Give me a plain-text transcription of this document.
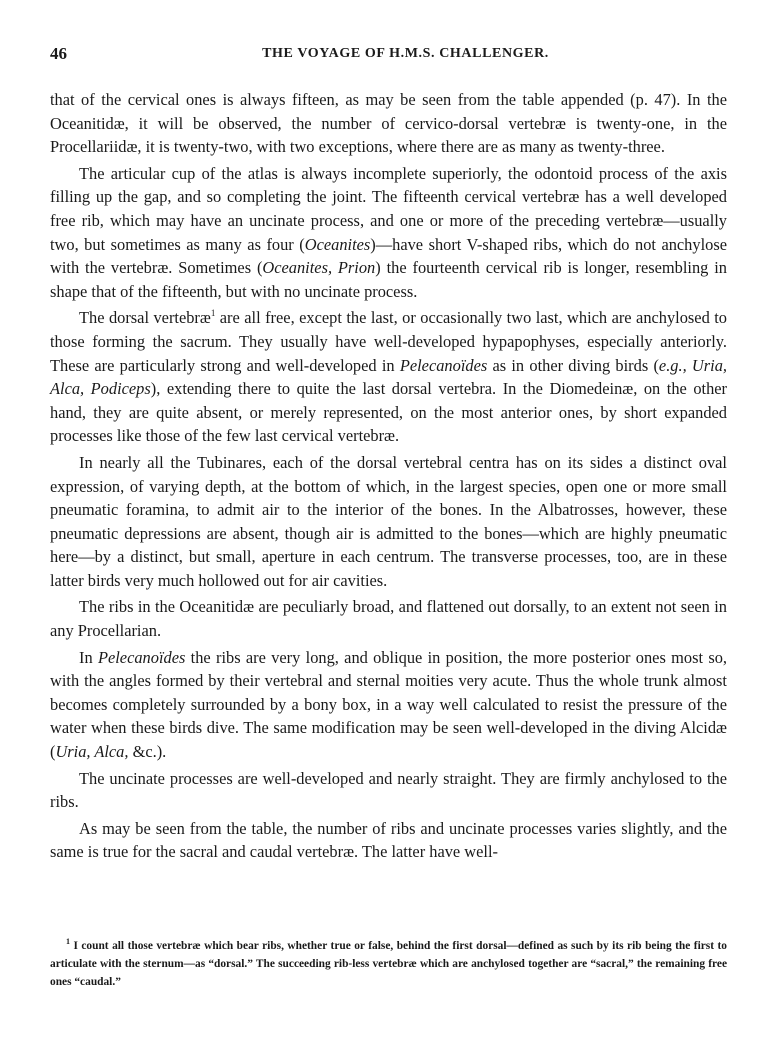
46	THE VOYAGE OF H.M.S. CHALLENGER.

that of the cervical ones is always fifteen, as may be seen from the table appended (p. 47). In the Oceanitidæ, it will be observed, the number of cervico-dorsal vertebræ is twenty-one, in the Procellariidæ, it is twenty-two, with two exceptions, where there are as many as twenty-three.

The articular cup of the atlas is always incomplete superiorly, the odontoid process of the axis filling up the gap, and so completing the joint. The fifteenth cervical vertebræ has a well developed free rib, which may have an uncinate process, and one or more of the preceding vertebræ—usually two, but sometimes as many as four (Oceanites)—have short V-shaped ribs, which do not anchylose with the vertebræ. Sometimes (Oceanites, Prion) the fourteenth cervical rib is longer, resembling in shape that of the fifteenth, but with no uncinate process.

The dorsal vertebræ$^1$ are all free, except the last, or occasionally two last, which are anchylosed to those forming the sacrum. They usually have well-developed hypapophyses, especially anteriorly. These are particularly strong and well-developed in Pelecanoïdes as in other diving birds (e.g., Uria, Alca, Podiceps), extending there to quite the last dorsal vertebra. In the Diomedeinæ, on the other hand, they are quite absent, or merely represented, on the most anterior ones, by short expanded processes like those of the few last cervical vertebræ.

In nearly all the Tubinares, each of the dorsal vertebral centra has on its sides a distinct oval expression, of varying depth, at the bottom of which, in the largest species, open one or more small pneumatic foramina, to admit air to the interior of the bones. In the Albatrosses, however, these pneumatic depressions are absent, though air is admitted to the bones—which are highly pneumatic here—by a distinct, but small, aperture in each centrum. The transverse processes, too, are in these latter birds very much hollowed out for air cavities.

The ribs in the Oceanitidæ are peculiarly broad, and flattened out dorsally, to an extent not seen in any Procellarian.

In Pelecanoïdes the ribs are very long, and oblique in position, the more posterior ones most so, with the angles formed by their vertebral and sternal moities very acute. Thus the whole trunk almost becomes completely surrounded by a bony box, in a way well calculated to resist the pressure of the water when these birds dive. The same modification may be seen well-developed in the diving Alcidæ (Uria, Alca, &c.).

The uncinate processes are well-developed and nearly straight. They are firmly anchylosed to the ribs.

As may be seen from the table, the number of ribs and uncinate processes varies slightly, and the same is true for the sacral and caudal vertebræ. The latter have well-

$^1$ I count all those vertebræ which bear ribs, whether true or false, behind the first dorsal—defined as such by its rib being the first to articulate with the sternum—as “dorsal.” The succeeding rib-less vertebræ which are anchylosed together are “sacral,” the remaining free ones “caudal.”
